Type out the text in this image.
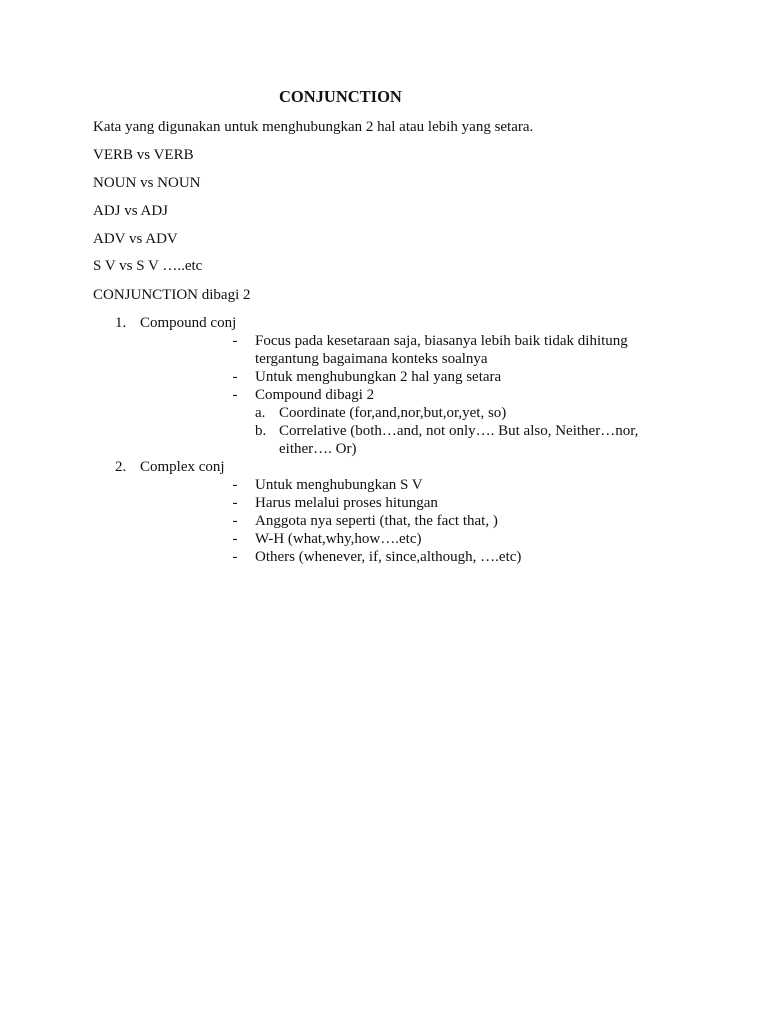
CONJUNCTION
Kata yang digunakan untuk menghubungkan 2 hal atau lebih yang setara.
VERB vs VERB
NOUN vs NOUN
ADJ vs ADJ
ADV vs ADV
S V vs S V …..etc
CONJUNCTION dibagi 2
1. Compound conj
- Focus pada kesetaraan saja, biasanya lebih baik tidak dihitung
tergantung bagaimana konteks soalnya
- Untuk menghubungkan 2 hal yang setara
- Compound dibagi 2
a. Coordinate (for,and,nor,but,or,yet, so)
b. Correlative (both…and, not only…. But also, Neither…nor,
either…. Or)
2. Complex conj
- Untuk menghubungkan S V
- Harus melalui proses hitungan
- Anggota nya seperti (that, the fact that, )
- W-H (what,why,how….etc)
- Others (whenever, if, since,although, ….etc)
